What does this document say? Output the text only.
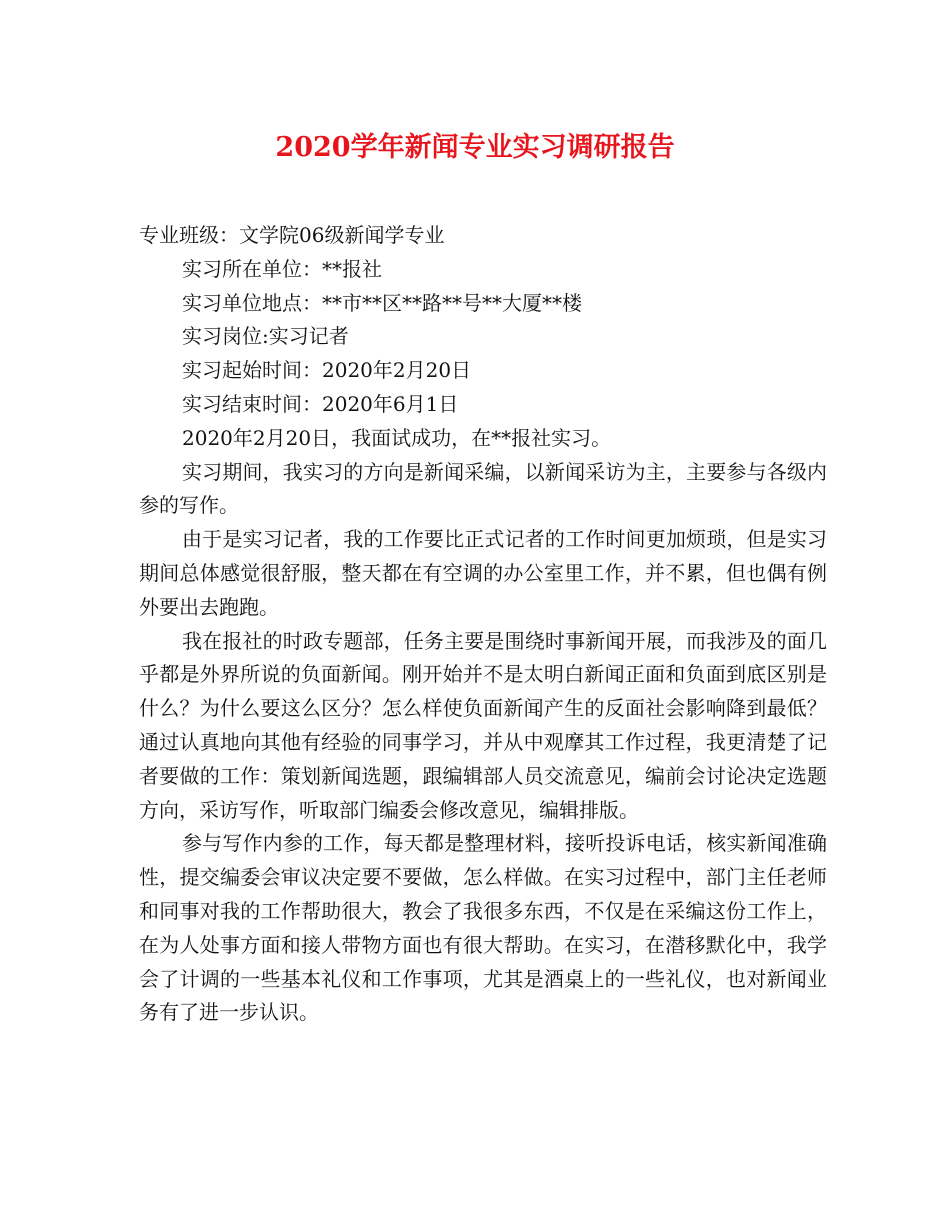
2020学年新闻专业实习调研报告

专业班级：文学院06级新闻学专业

实习所在单位：**报社

实习单位地点：**市**区**路**号**大厦**楼

实习岗位:实习记者

实习起始时间：2020年2月20日

实习结束时间：2020年6月1日

2020年2月20日，我面试成功，在**报社实习。

实习期间，我实习的方向是新闻采编，以新闻采访为主，主要参与各级内参的写作。

由于是实习记者，我的工作要比正式记者的工作时间更加烦琐，但是实习期间总体感觉很舒服，整天都在有空调的办公室里工作，并不累，但也偶有例外要出去跑跑。

我在报社的时政专题部，任务主要是围绕时事新闻开展，而我涉及的面几乎都是外界所说的负面新闻。刚开始并不是太明白新闻正面和负面到底区别是什么？为什么要这么区分？怎么样使负面新闻产生的反面社会影响降到最低？通过认真地向其他有经验的同事学习，并从中观摩其工作过程，我更清楚了记者要做的工作：策划新闻选题，跟编辑部人员交流意见，编前会讨论决定选题方向，采访写作，听取部门编委会修改意见，编辑排版。

参与写作内参的工作，每天都是整理材料，接听投诉电话，核实新闻准确性，提交编委会审议决定要不要做，怎么样做。在实习过程中，部门主任老师和同事对我的工作帮助很大，教会了我很多东西，不仅是在采编这份工作上，在为人处事方面和接人带物方面也有很大帮助。在实习，在潜移默化中，我学会了计调的一些基本礼仪和工作事项，尤其是酒桌上的一些礼仪，也对新闻业务有了进一步认识。
